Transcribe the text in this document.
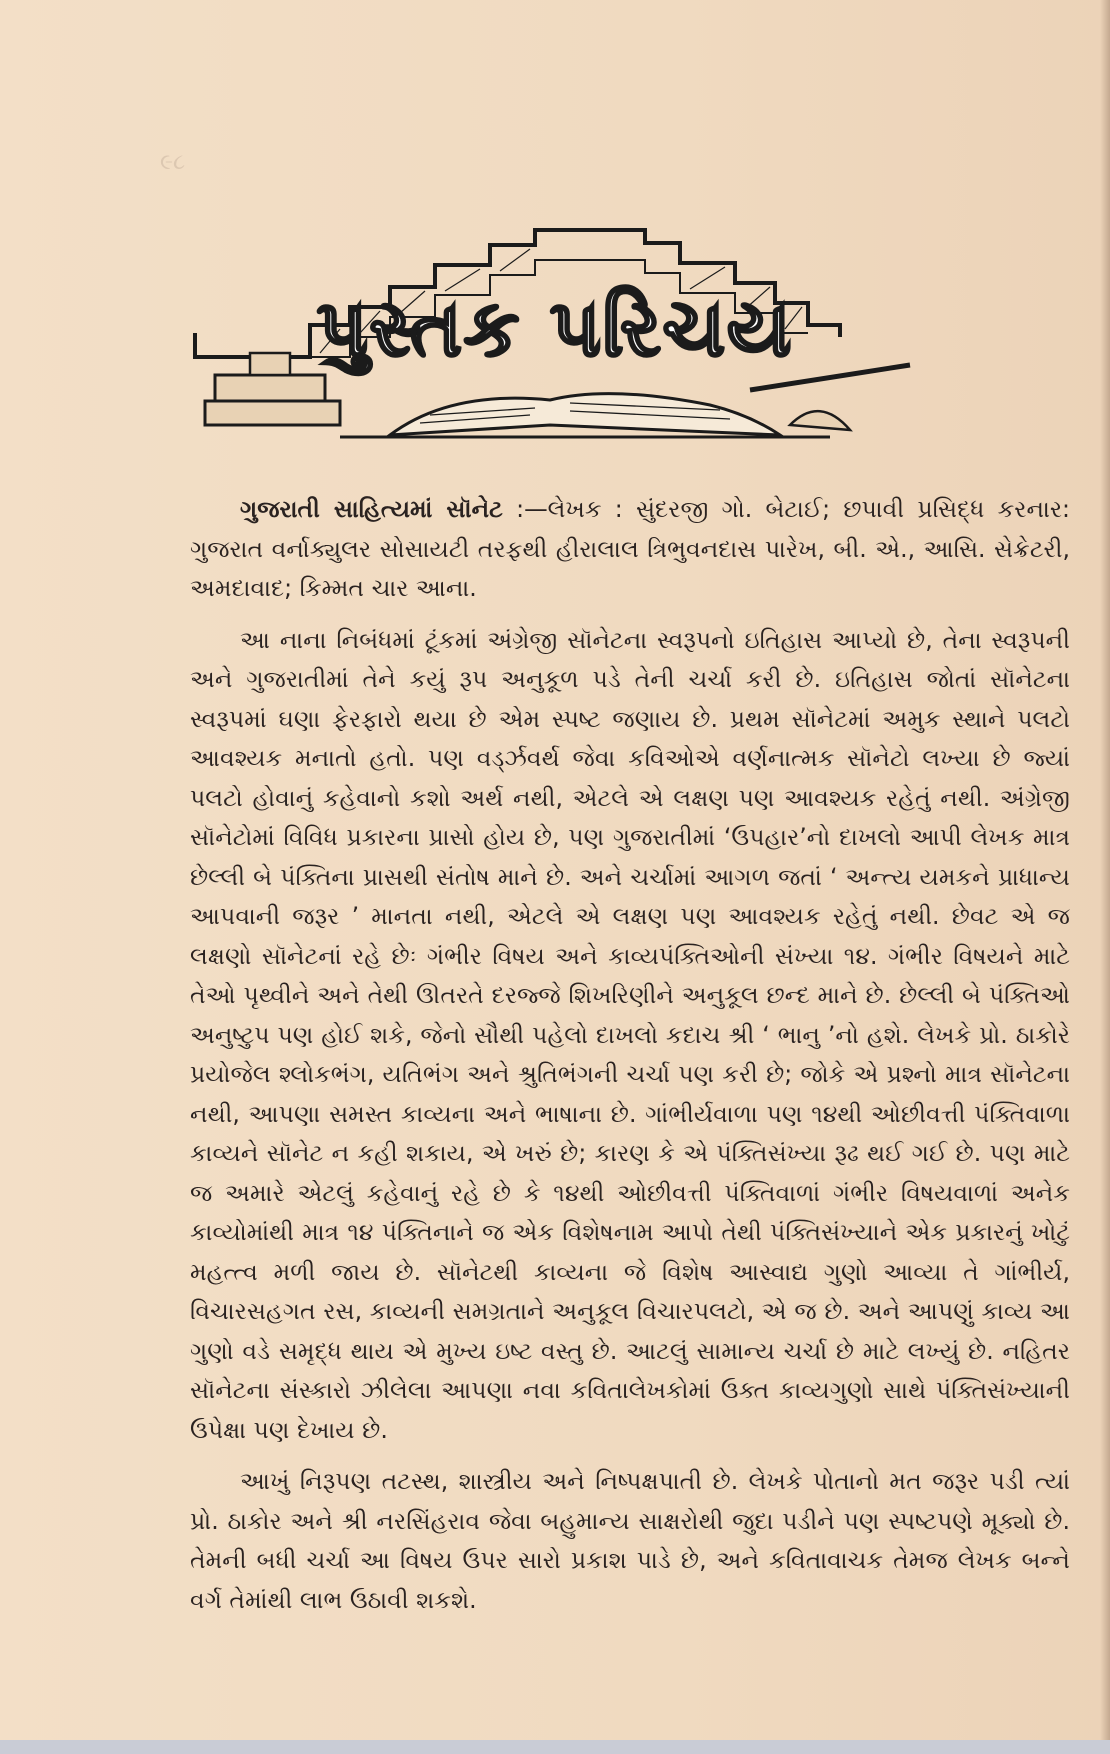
૯૮
પુસ્તક પરિચય

ગુજરાતી સાહિત્યમાં સૉનેટ :—લેખક : સુંદરજી ગો. બેટાઈ; છપાવી પ્રસિદ્ધ કરનાર: ગુજરાત વર્નાક્યુલર સોસાયટી તરફથી હીરાલાલ ત્રિભુવનદાસ પારેખ, બી. એ., આસિ. સેક્રેટરી, અમદાવાદ; કિમ્મત ચાર આના.

આ નાના નિબંધમાં ટૂંકમાં અંગ્રેજી સૉનેટના સ્વરૂપનો ઇતિહાસ આપ્યો છે, તેના સ્વરૂપની અને ગુજરાતીમાં તેને કયું રૂપ અનુકૂળ પડે તેની ચર્ચા કરી છે. ઇતિહાસ જોતાં સૉનેટના સ્વરૂપમાં ઘણા ફેરફારો થયા છે એમ સ્પષ્ટ જણાય છે. પ્રથમ સૉનેટમાં અમુક સ્થાને પલટો આવશ્યક મનાતો હતો. પણ વર્ડ્ઝવર્થ જેવા કવિઓએ વર્ણનાત્મક સૉનેટો લખ્યા છે જ્યાં પલટો હોવાનું કહેવાનો કશો અર્થ નથી, એટલે એ લક્ષણ પણ આવશ્યક રહેતું નથી. અંગ્રેજી સૉનેટોમાં વિવિધ પ્રકારના પ્રાસો હોય છે, પણ ગુજરાતીમાં ‘ઉપહાર’નો દાખલો આપી લેખક માત્ર છેલ્લી બે પંક્તિના પ્રાસથી સંતોષ માને છે. અને ચર્ચામાં આગળ જતાં ‘ અન્ત્ય યમકને પ્રાધાન્ય આપવાની જરૂર ’ માનતા નથી, એટલે એ લક્ષણ પણ આવશ્યક રહેતું નથી. છેવટ એ જ લક્ષણો સૉનેટનાં રહે છેઃ ગંભીર વિષય અને કાવ્યપંક્તિઓની સંખ્યા ૧૪. ગંભીર વિષયને માટે તેઓ પૃથ્વીને અને તેથી ઊતરતે દરજ્જે શિખરિણીને અનુકૂલ છન્દ માને છે. છેલ્લી બે પંક્તિઓ અનુષ્ટુપ પણ હોઈ શકે, જેનો સૌથી પહેલો દાખલો કદાચ શ્રી ‘ ભાનુ ’નો હશે. લેખકે પ્રો. ઠાકોરે પ્રયોજેલ શ્લોકભંગ, યતિભંગ અને શ્રુતિભંગની ચર્ચા પણ કરી છે; જોકે એ પ્રશ્નો માત્ર સૉનેટના નથી, આપણા સમસ્ત કાવ્યના અને ભાષાના છે. ગાંભીર્યવાળા પણ ૧૪થી ઓછીવત્તી પંક્તિવાળા કાવ્યને સૉનેટ ન કહી શકાય, એ ખરું છે; કારણ કે એ પંક્તિસંખ્યા રૂઢ થઈ ગઈ છે. પણ માટે જ અમારે એટલું કહેવાનું રહે છે કે ૧૪થી ઓછીવત્તી પંક્તિવાળાં ગંભીર વિષયવાળાં અનેક કાવ્યોમાંથી માત્ર ૧૪ પંક્તિનાને જ એક વિશેષનામ આપો તેથી પંક્તિસંખ્યાને એક પ્રકારનું ખોટું મહત્ત્વ મળી જાય છે. સૉનેટથી કાવ્યના જે વિશેષ આસ્વાદ્ય ગુણો આવ્યા તે ગાંભીર્ય, વિચારસહગત રસ, કાવ્યની સમગ્રતાને અનુકૂલ વિચારપલટો, એ જ છે. અને આપણું કાવ્ય આ ગુણો વડે સમૃદ્ધ થાય એ મુખ્ય ઇષ્ટ વસ્તુ છે. આટલું સામાન્ય ચર્ચા છે માટે લખ્યું છે. નહિતર સૉનેટના સંસ્કારો ઝીલેલા આપણા નવા કવિતાલેખકોમાં ઉક્ત કાવ્યગુણો સાથે પંક્તિસંખ્યાની ઉપેક્ષા પણ દેખાય છે.

આખું નિરૂપણ તટસ્થ, શાસ્ત્રીય અને નિષ્પક્ષપાતી છે. લેખકે પોતાનો મત જરૂર પડી ત્યાં પ્રો. ઠાકોર અને શ્રી નરસિંહરાવ જેવા બહુમાન્ય સાક્ષરોથી જુદા પડીને પણ સ્પષ્ટપણે મૂક્યો છે. તેમની બધી ચર્ચા આ વિષય ઉપર સારો પ્રકાશ પાડે છે, અને કવિતાવાચક તેમજ લેખક બન્ને વર્ગ તેમાંથી લાભ ઉઠાવી શકશે.
